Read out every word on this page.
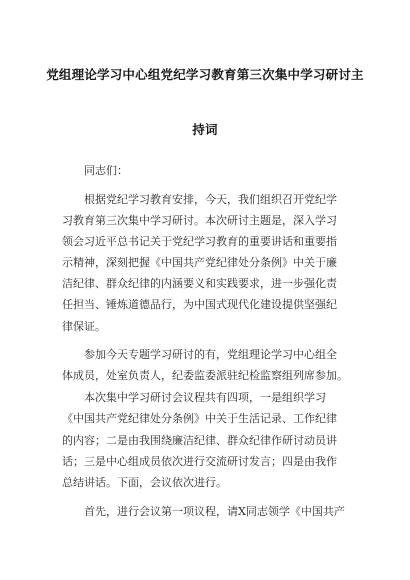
党组理论学习中心组党纪学习教育第三次集中学习研讨主
持词
同志们：
根据党纪学习教育安排，今天，我们组织召开党纪学
习教育第三次集中学习研讨。本次研讨主题是，深入学习
领会习近平总书记关于党纪学习教育的重要讲话和重要指
示精神，深刻把握《中国共产党纪律处分条例》中关于廉
洁纪律、群众纪律的内涵要义和实践要求，进一步强化责
任担当、锤炼道德品行，为中国式现代化建设提供坚强纪
律保证。
参加今天专题学习研讨的有，党组理论学习中心组全
体成员，处室负责人，纪委监委派驻纪检监察组列席参加。
本次集中学习研讨会议程共有四项，一是组织学习
《中国共产党纪律处分条例》中关于生活记录、工作纪律
的内容；二是由我围绕廉洁纪律、群众纪律作研讨动员讲
话；三是中心组成员依次进行交流研讨发言；四是由我作
总结讲话。下面，会议依次进行。
首先，进行会议第一项议程，请X同志领学《中国共产
